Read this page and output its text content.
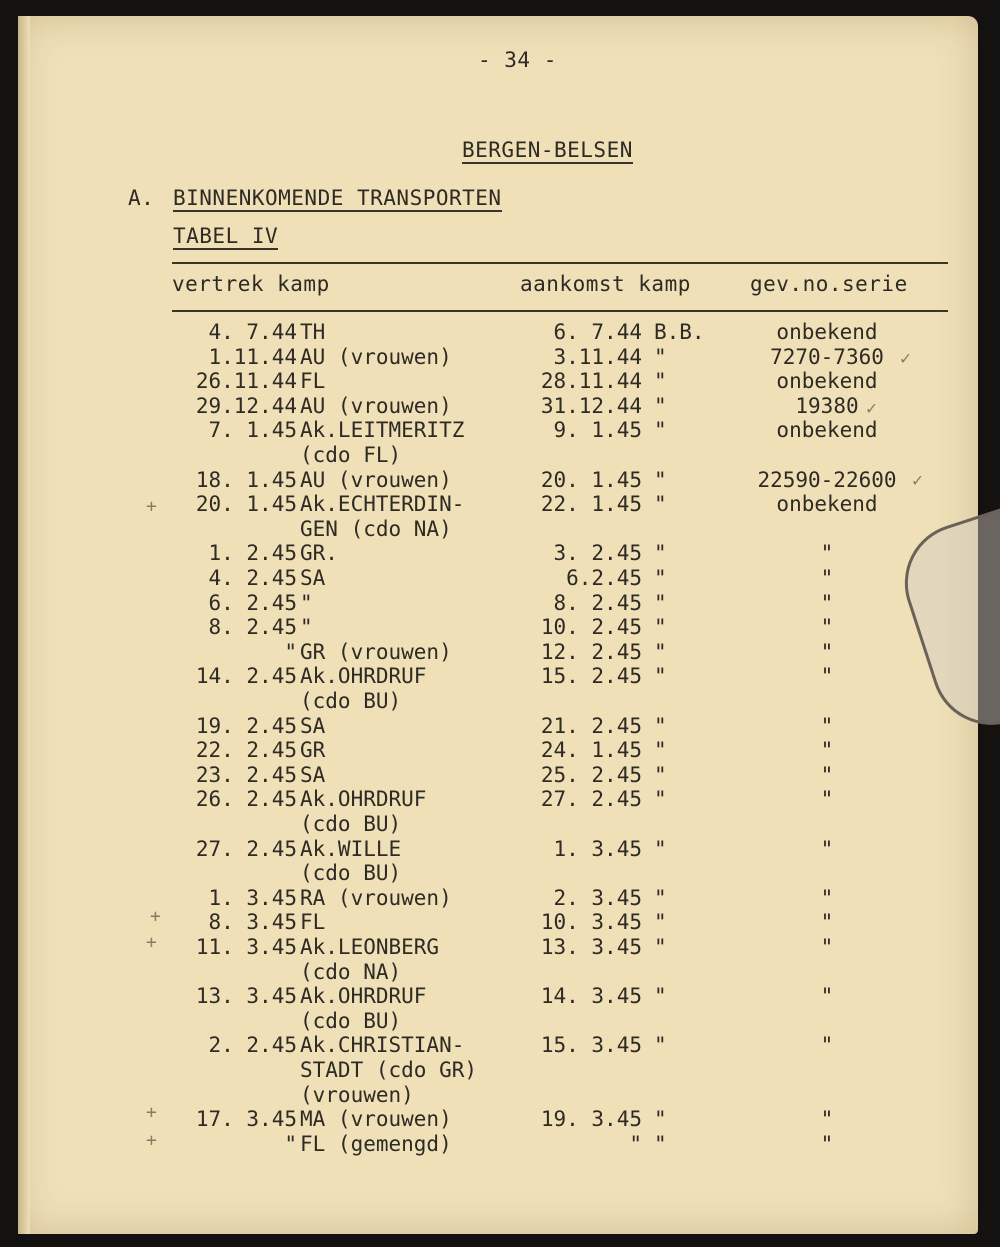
- 34 -
BERGEN-BELSEN
A. BINNENKOMENDE TRANSPORTEN
TABEL IV
vertrek kamp	aankomst kamp	gev.no.serie
✓
✓
✓
+
+
+
+
+
4. 7.44 TH	6. 7.44 B.B.	onbekend
1.11.44 AU (vrouwen)	3.11.44 "	7270-7360
26.11.44 FL	28.11.44 "	onbekend
29.12.44 AU (vrouwen)	31.12.44 "	19380
7. 1.45 Ak.LEITMERITZ	9. 1.45 "	onbekend
(cdo FL)
18. 1.45 AU (vrouwen)	20. 1.45 "	22590-22600
20. 1.45 Ak.ECHTERDIN-	22. 1.45 "	onbekend
GEN (cdo NA)
1. 2.45 GR.	3. 2.45 "	"
4. 2.45 SA	6.2.45 "	"
6. 2.45 "	8. 2.45 "	"
8. 2.45 "	10. 2.45 "	"
" GR (vrouwen)	12. 2.45 "	"
14. 2.45 Ak.OHRDRUF	15. 2.45 "	"
(cdo BU)
19. 2.45 SA	21. 2.45 "	"
22. 2.45 GR	24. 1.45 "	"
23. 2.45 SA	25. 2.45 "	"
26. 2.45 Ak.OHRDRUF	27. 2.45 "	"
(cdo BU)
27. 2.45 Ak.WILLE	1. 3.45 "	"
(cdo BU)
1. 3.45 RA (vrouwen)	2. 3.45 "	"
8. 3.45 FL	10. 3.45 "	"
11. 3.45 Ak.LEONBERG	13. 3.45 "	"
(cdo NA)
13. 3.45 Ak.OHRDRUF	14. 3.45 "	"
(cdo BU)
2. 2.45 Ak.CHRISTIAN-	15. 3.45 "	"
STADT (cdo GR)
(vrouwen)
17. 3.45 MA (vrouwen)	19. 3.45 "	"
" FL (gemengd)	" "	"
